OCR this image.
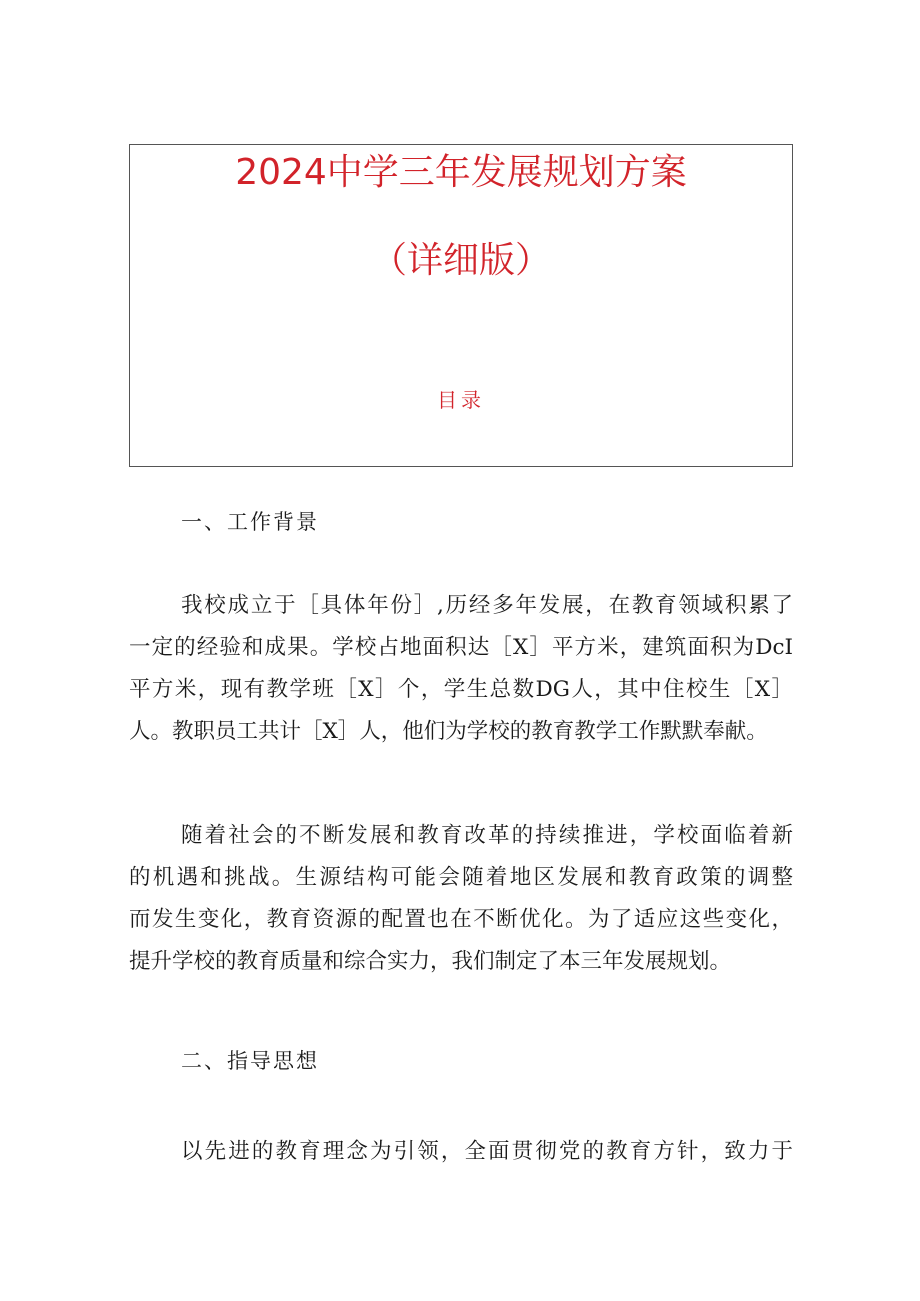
2024中学三年发展规划方案
（详细版）
目录
一、工作背景
我校成立于［具体年份］,历经多年发展，在教育领域积累了
一定的经验和成果。学校占地面积达［X］平方米，建筑面积为DcI
平方米，现有教学班［X］个，学生总数DG人，其中住校生［X］
人。教职员工共计［X］人，他们为学校的教育教学工作默默奉献。
随着社会的不断发展和教育改革的持续推进，学校面临着新
的机遇和挑战。生源结构可能会随着地区发展和教育政策的调整
而发生变化，教育资源的配置也在不断优化。为了适应这些变化，
提升学校的教育质量和综合实力，我们制定了本三年发展规划。
二、指导思想
以先进的教育理念为引领，全面贯彻党的教育方针，致力于
